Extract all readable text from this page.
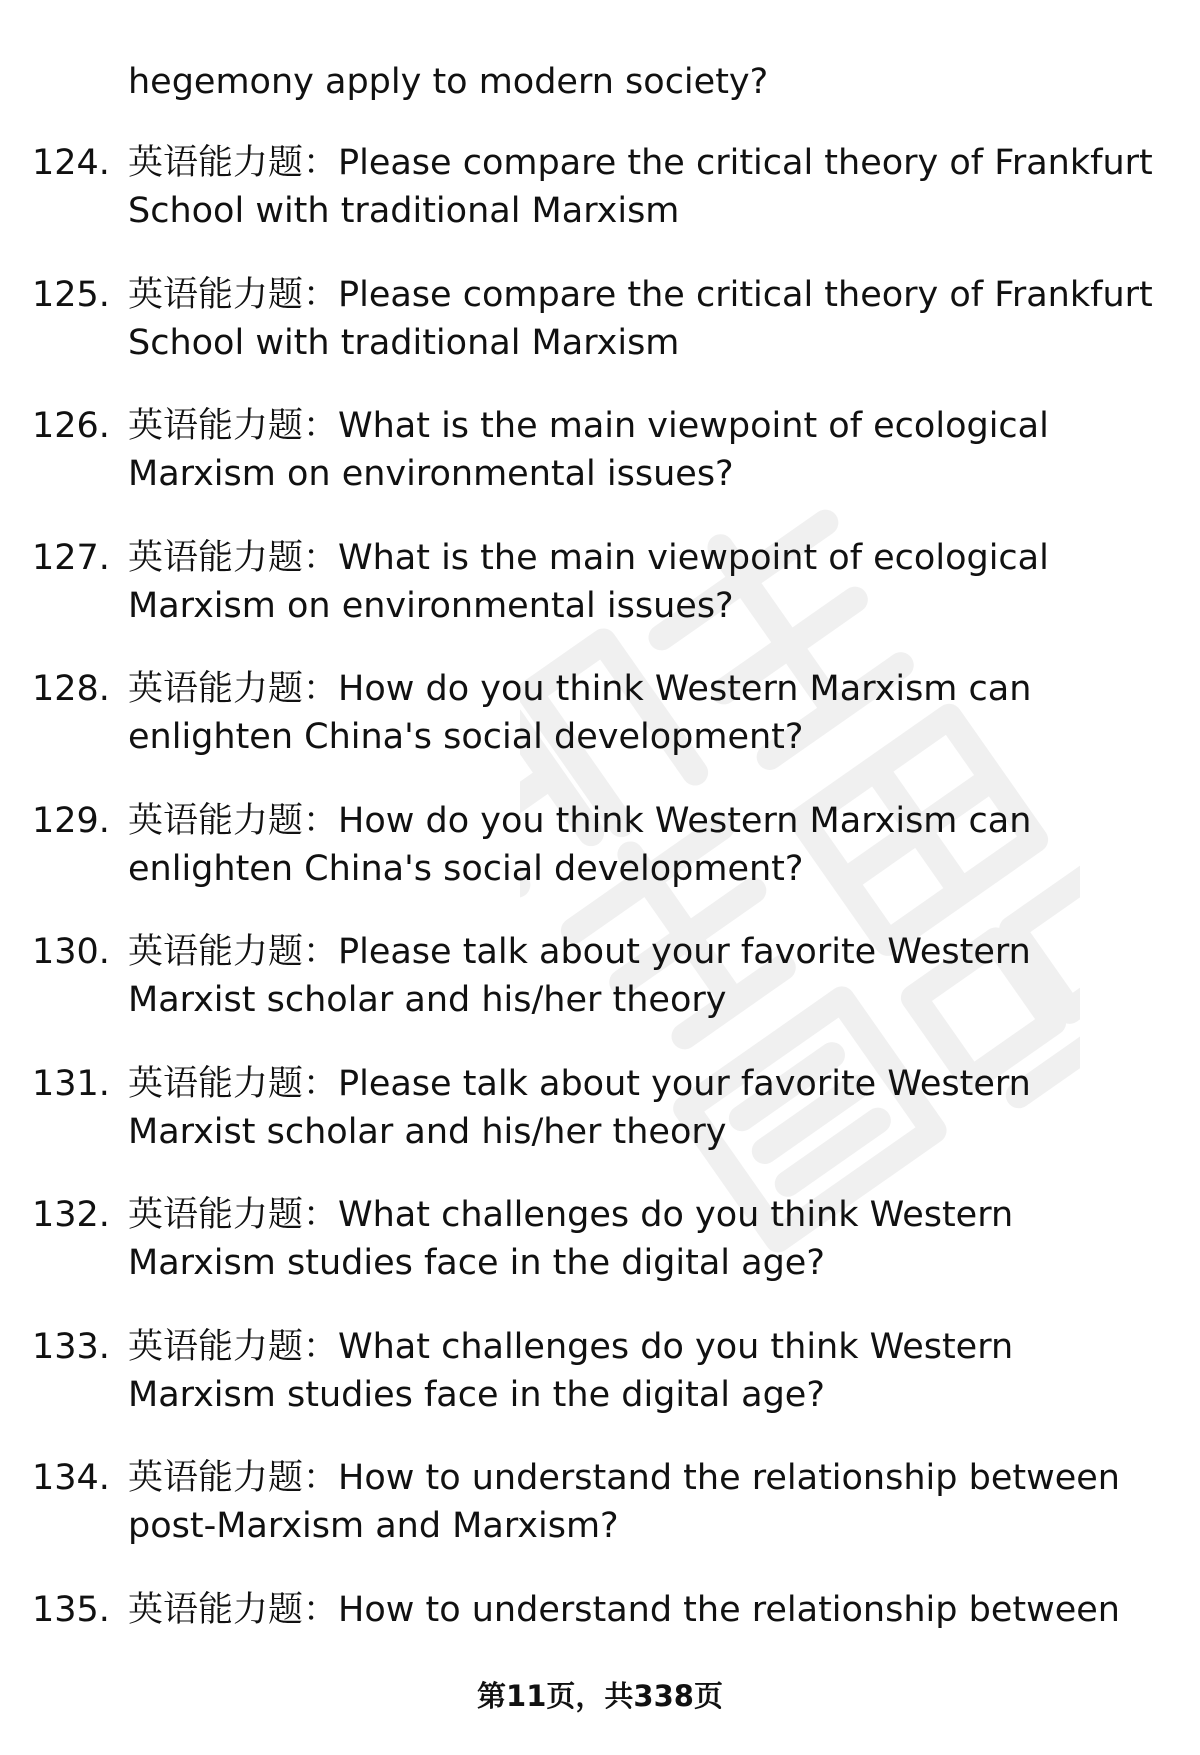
hegemony apply to modern society?
124. 英语能力题：Please compare the critical theory of Frankfurt
School with traditional Marxism
125. 英语能力题：Please compare the critical theory of Frankfurt
School with traditional Marxism
126. 英语能力题：What is the main viewpoint of ecological
Marxism on environmental issues?
127. 英语能力题：What is the main viewpoint of ecological
Marxism on environmental issues?
128. 英语能力题：How do you think Western Marxism can
enlighten China's social development?
129. 英语能力题：How do you think Western Marxism can
enlighten China's social development?
130. 英语能力题：Please talk about your favorite Western
Marxist scholar and his/her theory
131. 英语能力题：Please talk about your favorite Western
Marxist scholar and his/her theory
132. 英语能力题：What challenges do you think Western
Marxism studies face in the digital age?
133. 英语能力题：What challenges do you think Western
Marxism studies face in the digital age?
134. 英语能力题：How to understand the relationship between
post-Marxism and Marxism?
135. 英语能力题：How to understand the relationship between
第11页，共338页
